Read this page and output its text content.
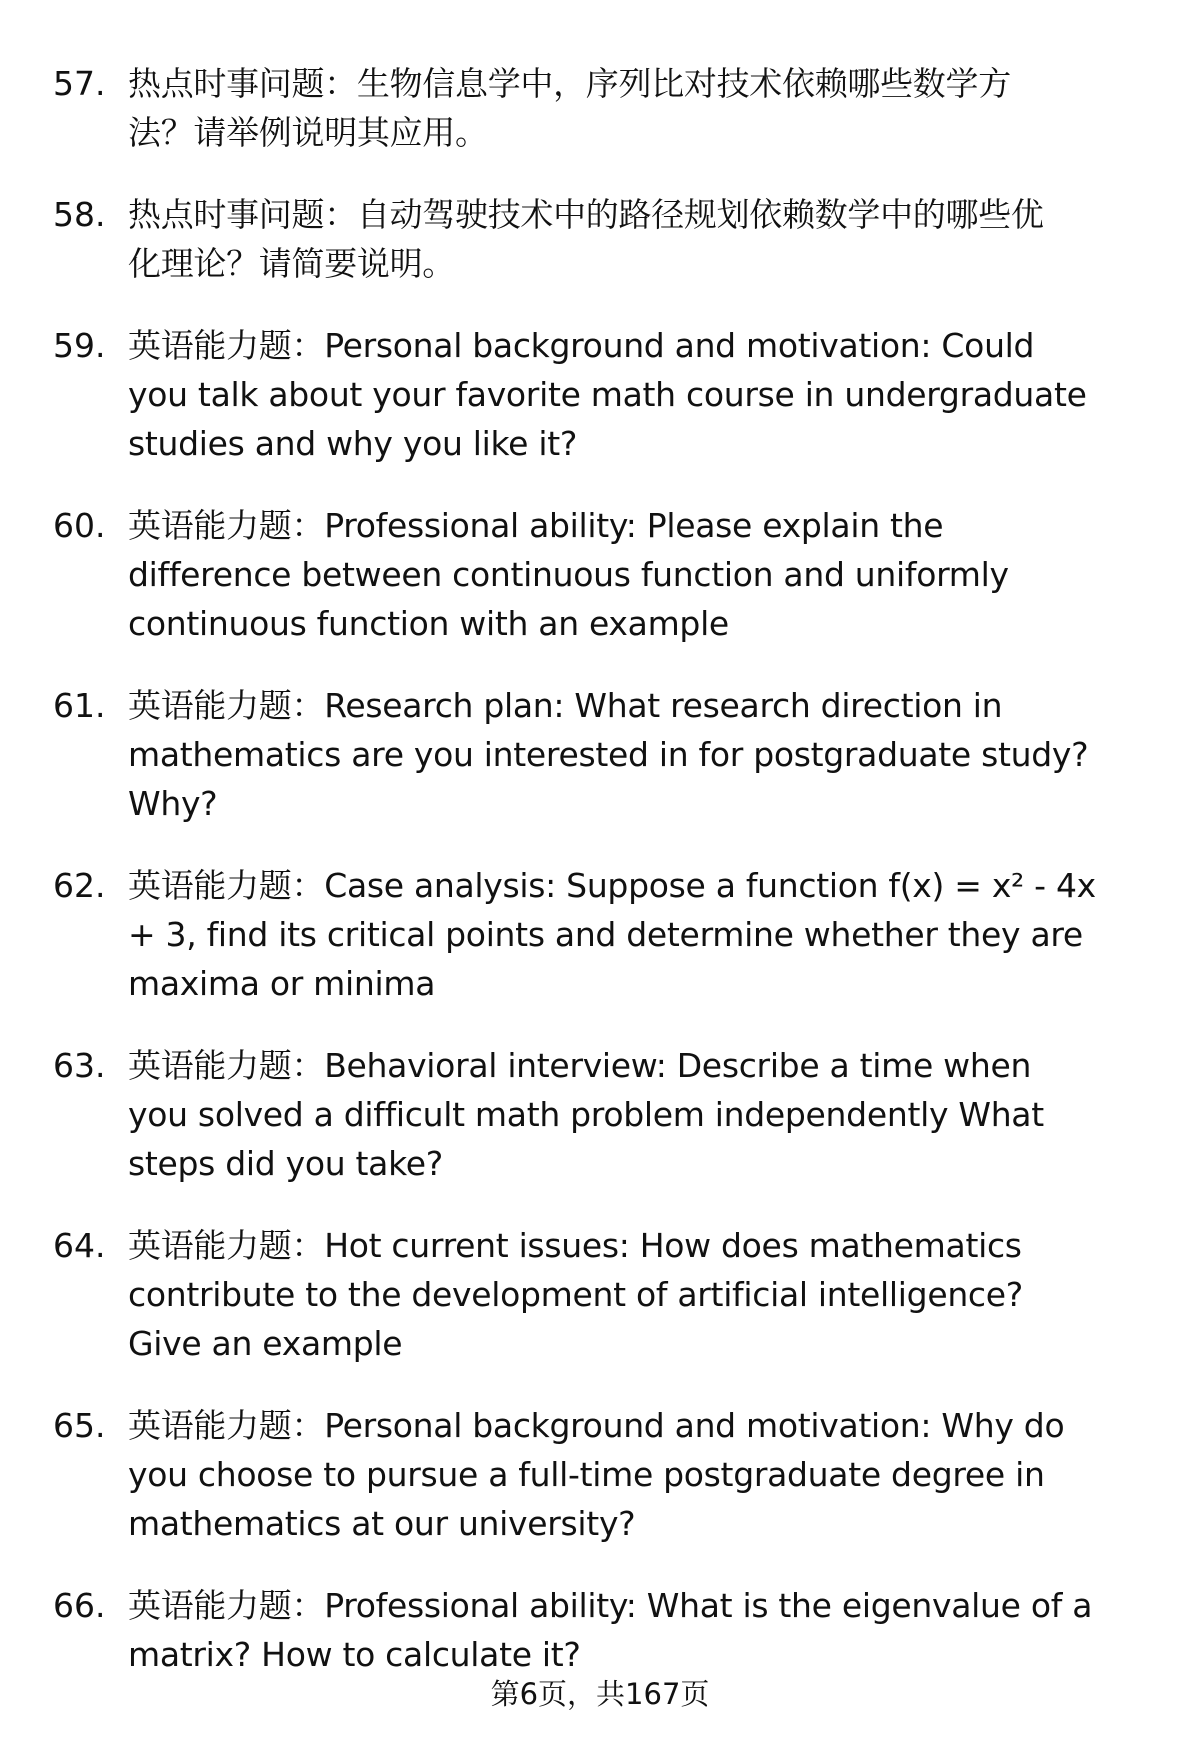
57. 热点时事问题：生物信息学中，序列比对技术依赖哪些数学方
法？请举例说明其应用。
58. 热点时事问题：自动驾驶技术中的路径规划依赖数学中的哪些优
化理论？请简要说明。
59. 英语能力题：Personal background and motivation: Could
you talk about your favorite math course in undergraduate
studies and why you like it?
60. 英语能力题：Professional ability: Please explain the
difference between continuous function and uniformly
continuous function with an example
61. 英语能力题：Research plan: What research direction in
mathematics are you interested in for postgraduate study?
Why?
62. 英语能力题：Case analysis: Suppose a function f(x) = x² - 4x
+ 3, find its critical points and determine whether they are
maxima or minima
63. 英语能力题：Behavioral interview: Describe a time when
you solved a difficult math problem independently What
steps did you take?
64. 英语能力题：Hot current issues: How does mathematics
contribute to the development of artificial intelligence?
Give an example
65. 英语能力题：Personal background and motivation: Why do
you choose to pursue a full-time postgraduate degree in
mathematics at our university?
66. 英语能力题：Professional ability: What is the eigenvalue of a
matrix? How to calculate it?
第6页，共167页
